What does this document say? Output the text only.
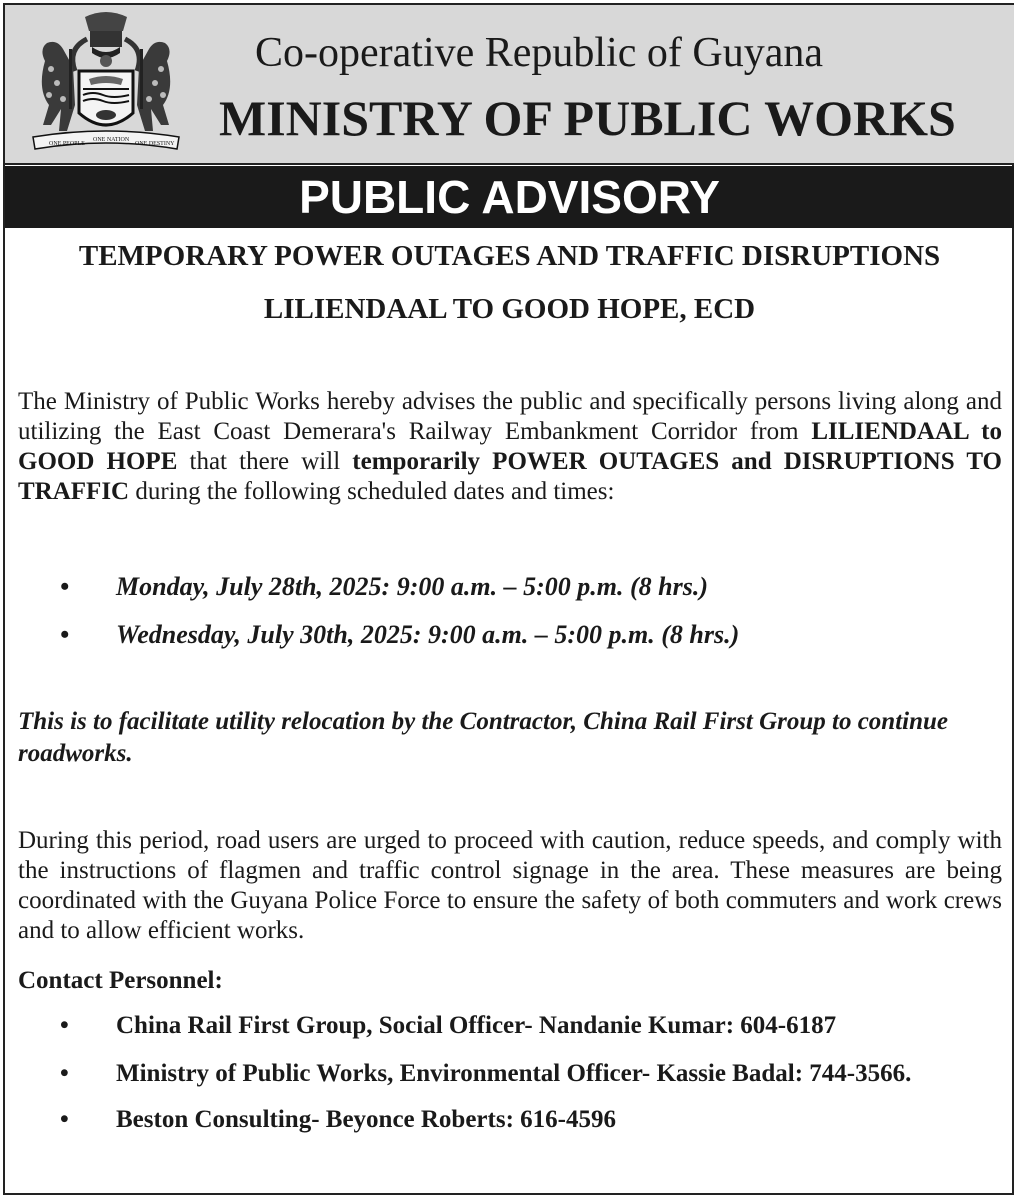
ONE PEOPLE
ONE NATION
ONE DESTINY
Co-operative Republic of Guyana
MINISTRY OF PUBLIC WORKS
PUBLIC ADVISORY
TEMPORARY POWER OUTAGES AND TRAFFIC DISRUPTIONS
LILIENDAAL TO GOOD HOPE, ECD

The Ministry of Public Works hereby advises the public and specifically persons living along and utilizing the East Coast Demerara's Railway Embankment Corridor from LILIENDAAL to GOOD HOPE that there will temporarily POWER OUTAGES and DISRUPTIONS TO TRAFFIC during the following scheduled dates and times:

• Monday, July 28th, 2025: 9:00 a.m. – 5:00 p.m. (8 hrs.)
• Wednesday, July 30th, 2025: 9:00 a.m. – 5:00 p.m. (8 hrs.)

This is to facilitate utility relocation by the Contractor, China Rail First Group to continue roadworks.

During this period, road users are urged to proceed with caution, reduce speeds, and comply with the instructions of flagmen and traffic control signage in the area. These measures are being coordinated with the Guyana Police Force to ensure the safety of both commuters and work crews and to allow efficient works.

Contact Personnel:
• China Rail First Group, Social Officer- Nandanie Kumar: 604-6187
• Ministry of Public Works, Environmental Officer- Kassie Badal: 744-3566.
• Beston Consulting- Beyonce Roberts: 616-4596
